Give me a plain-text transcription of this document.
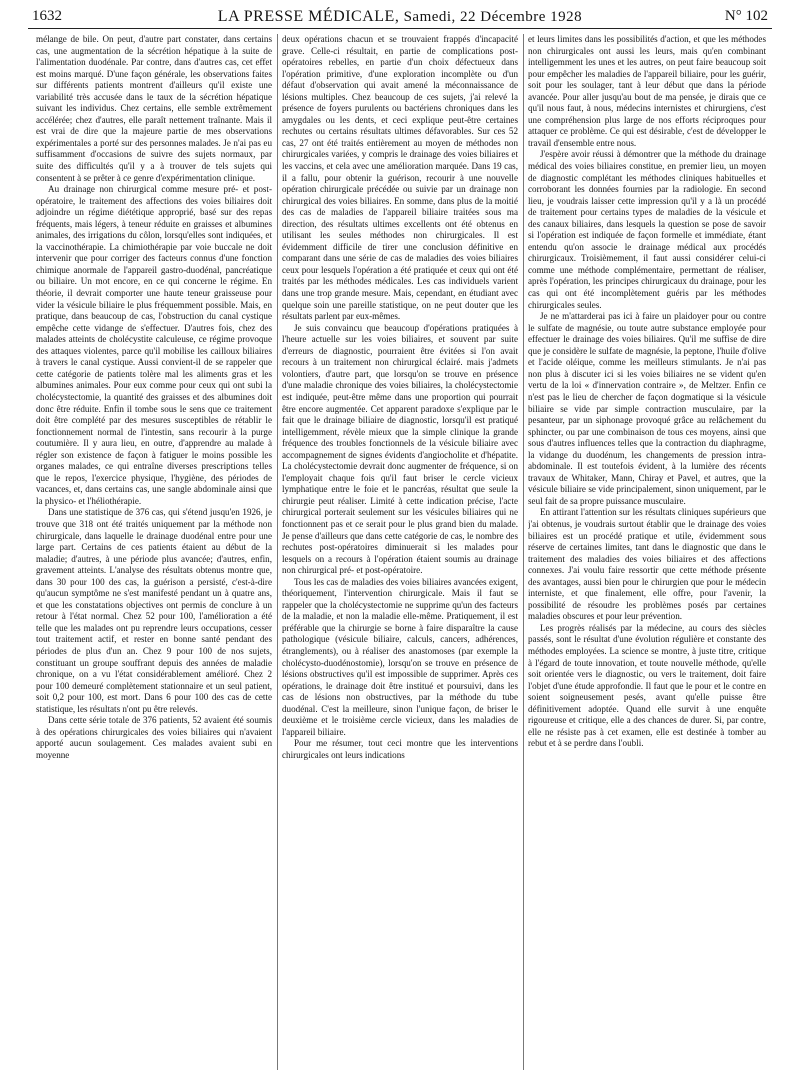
1632	LA PRESSE MÉDICALE, Samedi, 22 Décembre 1928	N° 102

mélange de bile. On peut, d'autre part constater, dans certains cas, une augmentation de la sécrétion hépatique à la suite de l'alimentation duodénale. Par contre, dans d'autres cas, cet effet est moins marqué. D'une façon générale, les observations faites sur différents patients montrent d'ailleurs qu'il existe une variabilité très accusée dans le taux de la sécrétion hépatique suivant les individus. Chez certains, elle semble extrêmement accélérée; chez d'autres, elle paraît nettement traînante. Mais il est vrai de dire que la majeure partie de mes observations expérimentales a porté sur des personnes malades. Je n'ai pas eu suffisamment d'occasions de suivre des sujets normaux, par suite des difficultés qu'il y a à trouver de tels sujets qui consentent à se prêter à ce genre d'expérimentation clinique.

Au drainage non chirurgical comme mesure pré- et post-opératoire, le traitement des affections des voies biliaires doit adjoindre un régime diététique approprié, basé sur des repas fréquents, mais légers, à teneur réduite en graisses et albumines animales, des irrigations du côlon, lorsqu'elles sont indiquées, et la vaccinothérapie. La chimiothérapie par voie buccale ne doit intervenir que pour corriger des facteurs connus d'une fonction chimique anormale de l'appareil gastro-duodénal, pancréatique ou biliaire. Un mot encore, en ce qui concerne le régime. En théorie, il devrait comporter une haute teneur graisseuse pour vider la vésicule biliaire le plus fréquemment possible. Mais, en pratique, dans beaucoup de cas, l'obstruction du canal cystique empêche cette vidange de s'effectuer. D'autres fois, chez des malades atteints de cholécystite calculeuse, ce régime provoque des attaques violentes, parce qu'il mobilise les cailloux biliaires à travers le canal cystique. Aussi convient-il de se rappeler que cette catégorie de patients tolère mal les aliments gras et les albumines animales. Pour eux comme pour ceux qui ont subi la cholécystectomie, la quantité des graisses et des albumines doit donc être réduite. Enfin il tombe sous le sens que ce traitement doit être complété par des mesures susceptibles de rétablir le fonctionnement normal de l'intestin, sans recourir à la purge coutumière. Il y aura lieu, en outre, d'apprendre au malade à régler son existence de façon à fatiguer le moins possible les organes malades, ce qui entraîne diverses prescriptions telles que le repos, l'exercice physique, l'hygiène, des périodes de vacances, et, dans certains cas, une sangle abdominale ainsi que la physico- et l'héliothérapie.

Dans une statistique de 376 cas, qui s'étend jusqu'en 1926, je trouve que 318 ont été traités uniquement par la méthode non chirurgicale, dans laquelle le drainage duodénal entre pour une large part. Certains de ces patients étaient au début de la maladie; d'autres, à une période plus avancée; d'autres, enfin, gravement atteints. L'analyse des résultats obtenus montre que, dans 30 pour 100 des cas, la guérison a persisté, c'est-à-dire qu'aucun symptôme ne s'est manifesté pendant un à quatre ans, et que les constatations objectives ont permis de conclure à un retour à l'état normal. Chez 52 pour 100, l'amélioration a été telle que les malades ont pu reprendre leurs occupations, cesser tout traitement actif, et rester en bonne santé pendant des périodes de plus d'un an. Chez 9 pour 100 de nos sujets, constituant un groupe souffrant depuis des années de maladie chronique, on a vu l'état considérablement amélioré. Chez 2 pour 100 demeuré complètement stationnaire et un seul patient, soit 0,2 pour 100, est mort. Dans 6 pour 100 des cas de cette statistique, les résultats n'ont pu être relevés.

Dans cette série totale de 376 patients, 52 avaient été soumis à des opérations chirurgicales des voies biliaires qui n'avaient apporté aucun soulagement. Ces malades avaient subi en moyenne

deux opérations chacun et se trouvaient frappés d'incapacité grave. Celle-ci résultait, en partie de complications post-opératoires rebelles, en partie d'un choix défectueux dans l'opération primitive, d'une exploration incomplète ou d'un défaut d'observation qui avait amené la méconnaissance de lésions multiples. Chez beaucoup de ces sujets, j'ai relevé la présence de foyers purulents ou bactériens chroniques dans les amygdales ou les dents, et ceci explique peut-être certaines rechutes ou certains résultats ultimes défavorables. Sur ces 52 cas, 27 ont été traités entièrement au moyen de méthodes non chirurgicales variées, y compris le drainage des voies biliaires et les vaccins, et cela avec une amélioration marquée. Dans 19 cas, il a fallu, pour obtenir la guérison, recourir à une nouvelle opération chirurgicale précédée ou suivie par un drainage non chirurgical des voies biliaires. En somme, dans plus de la moitié des cas de maladies de l'appareil biliaire traitées sous ma direction, des résultats ultimes excellents ont été obtenus en utilisant les seules méthodes non chirurgicales. Il est évidemment difficile de tirer une conclusion définitive en comparant dans une série de cas de maladies des voies biliaires ceux pour lesquels l'opération a été pratiquée et ceux qui ont été traités par les méthodes médicales. Les cas individuels varient dans une trop grande mesure. Mais, cependant, en étudiant avec quelque soin une pareille statistique, on ne peut douter que les résultats parlent par eux-mêmes.

Je suis convaincu que beaucoup d'opérations pratiquées à l'heure actuelle sur les voies biliaires, et souvent par suite d'erreurs de diagnostic, pourraient être évitées si l'on avait recours à un traitement non chirurgical éclairé. mais j'admets volontiers, d'autre part, que lorsqu'on se trouve en présence d'une maladie chronique des voies biliaires, la cholécystectomie est indiquée, peut-être même dans une proportion qui pourrait être encore augmentée. Cet apparent paradoxe s'explique par le fait que le drainage biliaire de diagnostic, lorsqu'il est pratiqué intelligemment, révèle mieux que la simple clinique la grande fréquence des troubles fonctionnels de la vésicule biliaire avec accompagnement de signes évidents d'angiocholite et d'hépatite. La cholécystectomie devrait donc augmenter de fréquence, si on l'employait chaque fois qu'il faut briser le cercle vicieux lymphatique entre le foie et le pancréas, résultat que seule la chirurgie peut réaliser. Limité à cette indication précise, l'acte chirurgical porterait seulement sur les vésicules biliaires qui ne fonctionnent pas et ce serait pour le plus grand bien du malade. Je pense d'ailleurs que dans cette catégorie de cas, le nombre des rechutes post-opératoires diminuerait si les malades pour lesquels on a recours à l'opération étaient soumis au drainage non chirurgical pré- et post-opératoire.

Tous les cas de maladies des voies biliaires avancées exigent, théoriquement, l'intervention chirurgicale. Mais il faut se rappeler que la cholécystectomie ne supprime qu'un des facteurs de la maladie, et non la maladie elle-même. Pratiquement, il est préférable que la chirurgie se borne à faire disparaître la cause pathologique (vésicule biliaire, calculs, cancers, adhérences, étranglements), ou à réaliser des anastomoses (par exemple la cholécysto-duodénostomie), lorsqu'on se trouve en présence de lésions obstructives qu'il est impossible de supprimer. Après ces opérations, le drainage doit être institué et poursuivi, dans les cas de lésions non obstructives, par la méthode du tube duodénal. C'est la meilleure, sinon l'unique façon, de briser le deuxième et le troisième cercle vicieux, dans les maladies de l'appareil biliaire.

Pour me résumer, tout ceci montre que les interventions chirurgicales ont leurs indications

et leurs limites dans les possibilités d'action, et que les méthodes non chirurgicales ont aussi les leurs, mais qu'en combinant intelligemment les unes et les autres, on peut faire beaucoup soit pour empêcher les maladies de l'appareil biliaire, pour les guérir, soit pour les soulager, tant à leur début que dans la période avancée. Pour aller jusqu'au bout de ma pensée, je dirais que ce qu'il nous faut, à nous, médecins internistes et chirurgiens, c'est une compréhension plus large de nos efforts réciproques pour attaquer ce problème. Ce qui est désirable, c'est de développer le travail d'ensemble entre nous.

J'espère avoir réussi à démontrer que la méthode du drainage médical des voies biliaires constitue, en premier lieu, un moyen de diagnostic complétant les méthodes cliniques habituelles et corroborant les données fournies par la radiologie. En second lieu, je voudrais laisser cette impression qu'il y a là un procédé de traitement pour certains types de maladies de la vésicule et des canaux biliaires, dans lesquels la question se pose de savoir si l'opération est indiquée de façon formelle et immédiate, étant entendu qu'on associe le drainage médical aux procédés chirurgicaux. Troisièmement, il faut aussi considérer celui-ci comme une méthode complémentaire, permettant de réaliser, après l'opération, les principes chirurgicaux du drainage, pour les cas qui ont été incomplètement guéris par les méthodes chirurgicales seules.

Je ne m'attarderai pas ici à faire un plaidoyer pour ou contre le sulfate de magnésie, ou toute autre substance employée pour effectuer le drainage des voies biliaires. Qu'il me suffise de dire que je considère le sulfate de magnésie, la peptone, l'huile d'olive et l'acide oléique, comme les meilleurs stimulants. Je n'ai pas non plus à discuter ici si les voies biliaires ne se vident qu'en vertu de la loi « d'innervation contraire », de Meltzer. Enfin ce n'est pas le lieu de chercher de façon dogmatique si la vésicule biliaire se vide par simple contraction musculaire, par la pesanteur, par un siphonage provoqué grâce au relâchement du sphincter, ou par une combinaison de tous ces moyens, ainsi que sous d'autres influences telles que la contraction du diaphragme, la vidange du duodénum, les changements de pression intra-abdominale. Il est toutefois évident, à la lumière des récents travaux de Whitaker, Mann, Chiray et Pavel, et autres, que la vésicule biliaire se vide principalement, sinon uniquement, par le seul fait de sa propre puissance musculaire.

En attirant l'attention sur les résultats cliniques supérieurs que j'ai obtenus, je voudrais surtout établir que le drainage des voies biliaires est un procédé pratique et utile, évidemment sous réserve de certaines limites, tant dans le diagnostic que dans le traitement des maladies des voies biliaires et des affections connexes. J'ai voulu faire ressortir que cette méthode présente des avantages, aussi bien pour le chirurgien que pour le médecin interniste, et que finalement, elle offre, pour l'avenir, la possibilité de résoudre les problèmes posés par certaines maladies obscures et pour leur prévention.

Les progrès réalisés par la médecine, au cours des siècles passés, sont le résultat d'une évolution régulière et constante des méthodes employées. La science se montre, à juste titre, critique à l'égard de toute innovation, et toute nouvelle méthode, qu'elle soit orientée vers le diagnostic, ou vers le traitement, doit faire l'objet d'une étude approfondie. Il faut que le pour et le contre en soient soigneusement pesés, avant qu'elle puisse être définitivement adoptée. Quand elle survit à une enquête rigoureuse et critique, elle a des chances de durer. Si, par contre, elle ne résiste pas à cet examen, elle est destinée à tomber au rebut et à se perdre dans l'oubli.
